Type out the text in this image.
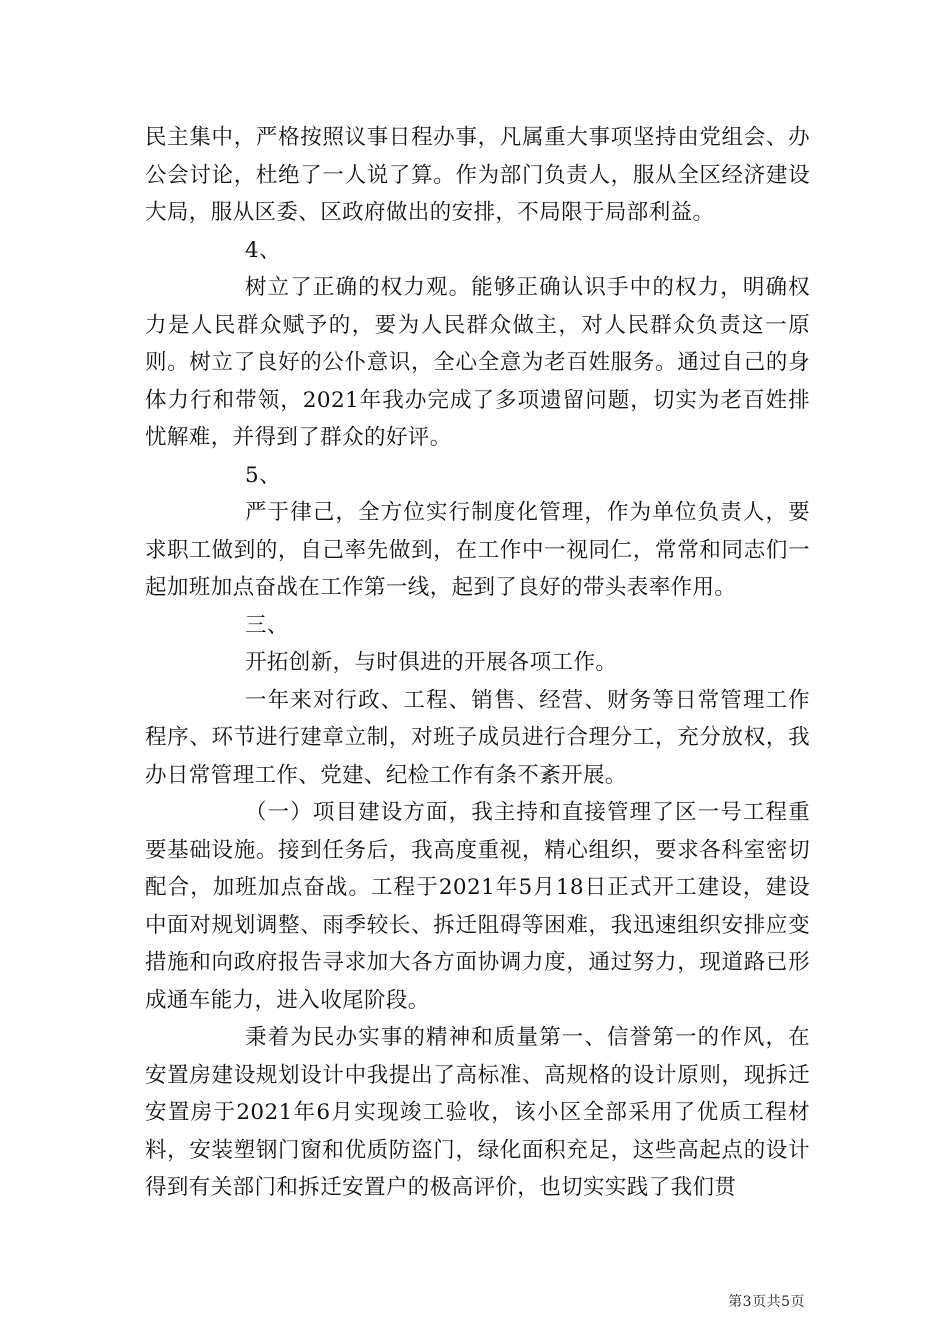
民主集中，严格按照议事日程办事，凡属重大事项坚持由党组会、办公会讨论，杜绝了一人说了算。作为部门负责人，服从全区经济建设大局，服从区委、区政府做出的安排，不局限于局部利益。

4、

树立了正确的权力观。能够正确认识手中的权力，明确权力是人民群众赋予的，要为人民群众做主，对人民群众负责这一原则。树立了良好的公仆意识，全心全意为老百姓服务。通过自己的身体力行和带领，2021年我办完成了多项遗留问题，切实为老百姓排忧解难，并得到了群众的好评。

5、

严于律己，全方位实行制度化管理，作为单位负责人，要求职工做到的，自己率先做到，在工作中一视同仁，常常和同志们一起加班加点奋战在工作第一线，起到了良好的带头表率作用。

三、

开拓创新，与时俱进的开展各项工作。

一年来对行政、工程、销售、经营、财务等日常管理工作程序、环节进行建章立制，对班子成员进行合理分工，充分放权，我办日常管理工作、党建、纪检工作有条不紊开展。

（一）项目建设方面，我主持和直接管理了区一号工程重要基础设施。接到任务后，我高度重视，精心组织，要求各科室密切配合，加班加点奋战。工程于2021年5月18日正式开工建设，建设中面对规划调整、雨季较长、拆迁阻碍等困难，我迅速组织安排应变措施和向政府报告寻求加大各方面协调力度，通过努力，现道路已形成通车能力，进入收尾阶段。

秉着为民办实事的精神和质量第一、信誉第一的作风，在安置房建设规划设计中我提出了高标准、高规格的设计原则，现拆迁安置房于2021年6月实现竣工验收，该小区全部采用了优质工程材料，安装塑钢门窗和优质防盗门，绿化面积充足，这些高起点的设计得到有关部门和拆迁安置户的极高评价，也切实实践了我们贯

第3页共5页
